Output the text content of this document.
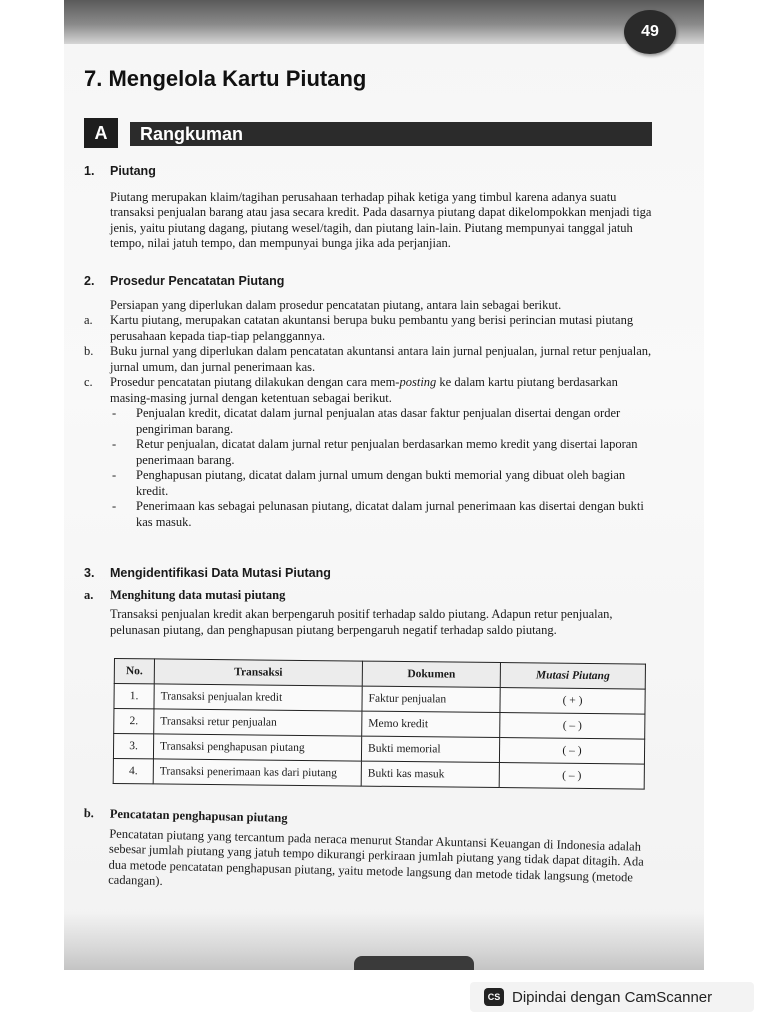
49
7. Mengelola Kartu Piutang
A	Rangkuman
1. Piutang
Piutang merupakan klaim/tagihan perusahaan terhadap pihak ketiga yang timbul karena adanya suatu transaksi penjualan barang atau jasa secara kredit. Pada dasarnya piutang dapat dikelompokkan menjadi tiga jenis, yaitu piutang dagang, piutang wesel/tagih, dan piutang lain-lain. Piutang mempunyai tanggal jatuh tempo, nilai jatuh tempo, dan mempunyai bunga jika ada perjanjian.
2. Prosedur Pencatatan Piutang
Persiapan yang diperlukan dalam prosedur pencatatan piutang, antara lain sebagai berikut.
a. Kartu piutang, merupakan catatan akuntansi berupa buku pembantu yang berisi perincian mutasi piutang perusahaan kepada tiap-tiap pelanggannya.
b. Buku jurnal yang diperlukan dalam pencatatan akuntansi antara lain jurnal penjualan, jurnal retur penjualan, jurnal umum, dan jurnal penerimaan kas.
c. Prosedur pencatatan piutang dilakukan dengan cara mem-posting ke dalam kartu piutang berdasarkan masing-masing jurnal dengan ketentuan sebagai berikut.
- Penjualan kredit, dicatat dalam jurnal penjualan atas dasar faktur penjualan disertai dengan order pengiriman barang.
- Retur penjualan, dicatat dalam jurnal retur penjualan berdasarkan memo kredit yang disertai laporan penerimaan barang.
- Penghapusan piutang, dicatat dalam jurnal umum dengan bukti memorial yang dibuat oleh bagian kredit.
- Penerimaan kas sebagai pelunasan piutang, dicatat dalam jurnal penerimaan kas disertai dengan bukti kas masuk.
3. Mengidentifikasi Data Mutasi Piutang
a. Menghitung data mutasi piutang
Transaksi penjualan kredit akan berpengaruh positif terhadap saldo piutang. Adapun retur penjualan, pelunasan piutang, dan penghapusan piutang berpengaruh negatif terhadap saldo piutang.
No.	Transaksi	Dokumen	Mutasi Piutang
1.	Transaksi penjualan kredit	Faktur penjualan	( + )
2.	Transaksi retur penjualan	Memo kredit	( – )
3.	Transaksi penghapusan piutang	Bukti memorial	( – )
4.	Transaksi penerimaan kas dari piutang	Bukti kas masuk	( – )
b. Pencatatan penghapusan piutang
Pencatatan piutang yang tercantum pada neraca menurut Standar Akuntansi Keuangan di Indonesia adalah sebesar jumlah piutang yang jatuh tempo dikurangi perkiraan jumlah piutang yang tidak dapat ditagih. Ada dua metode pencatatan penghapusan piutang, yaitu metode langsung dan metode tidak langsung (metode cadangan).
CS Dipindai dengan CamScanner
